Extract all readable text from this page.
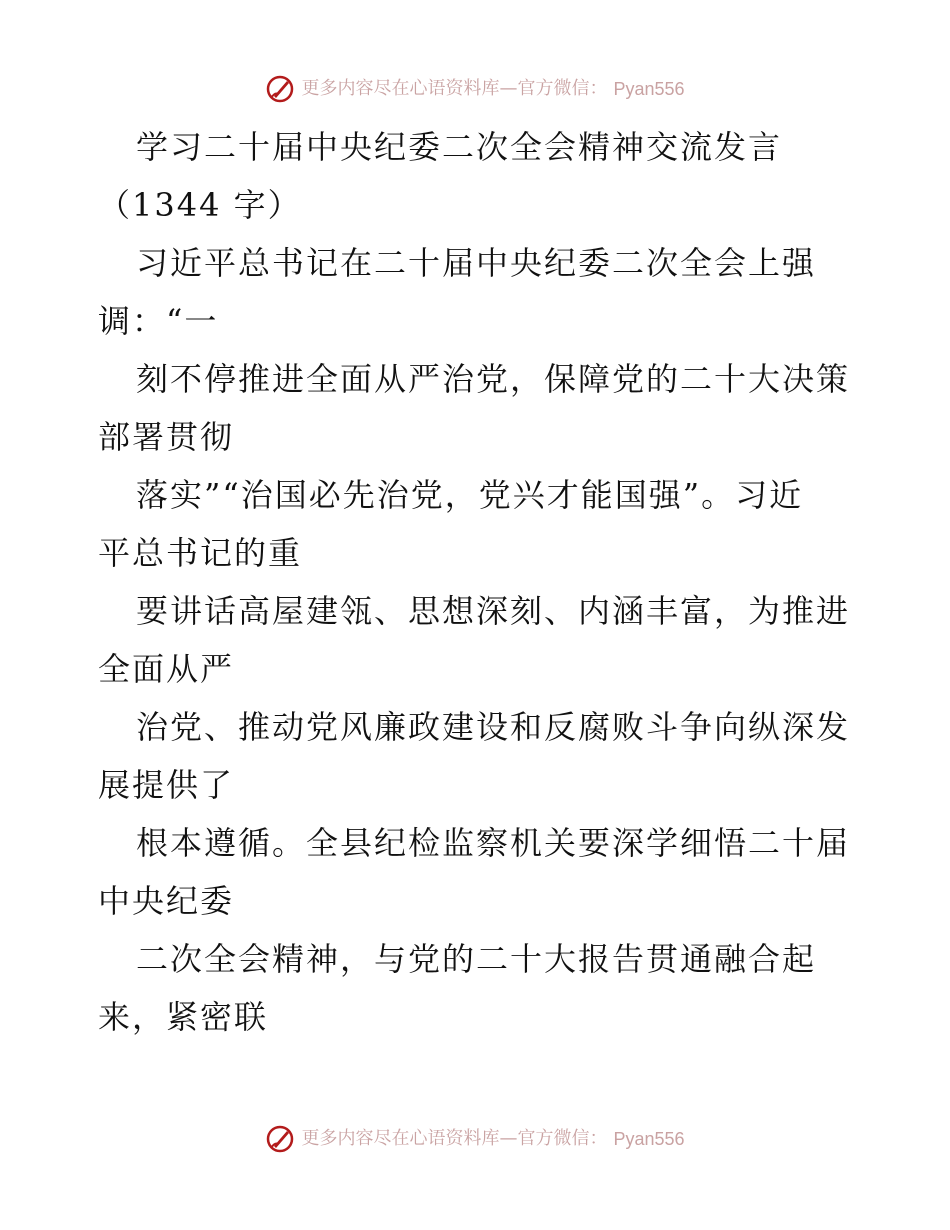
更多内容尽在心语资料库—官方微信： Pyan556
学习二十届中央纪委二次全会精神交流发言
（1344 字）
习近平总书记在二十届中央纪委二次全会上强
调：“一
刻不停推进全面从严治党，保障党的二十大决策
部署贯彻
落实”“治国必先治党，党兴才能国强”。习近
平总书记的重
要讲话高屋建瓴、思想深刻、内涵丰富，为推进
全面从严
治党、推动党风廉政建设和反腐败斗争向纵深发
展提供了
根本遵循。全县纪检监察机关要深学细悟二十届
中央纪委
二次全会精神，与党的二十大报告贯通融合起
来，紧密联
更多内容尽在心语资料库—官方微信： Pyan556
